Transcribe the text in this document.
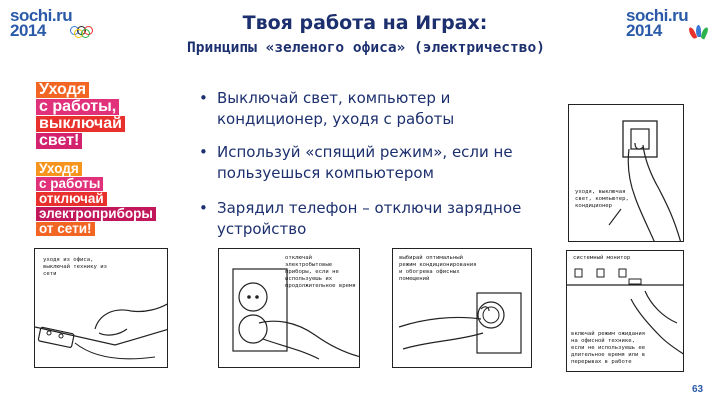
sochi.ru
2014	Твоя работа на Играх:
Принципы «зеленого офиса» (электричество)
sochi.ru
2014
Уходя
с работы,
выключай
свет!
Уходя
с работы
отключай
электроприборы
от сети!
• Выключай свет, компьютер и кондиционер, уходя с работы
• Используй «спящий режим», если не пользуешься компьютером
• Зарядил телефон – отключи зарядное устройство
уходя, выключая свет, компьютер, кондиционер
уходя из офиса, выключай технику из сети
отключай электробытовые приборы, если не используешь их продолжительное время
выбирай оптимальный режим кондиционирования и обогрева офисных помещений
системный монитор
включай режим ожидания на офисной технике, если не используешь ее длительное время или в перерывах в работе
63
